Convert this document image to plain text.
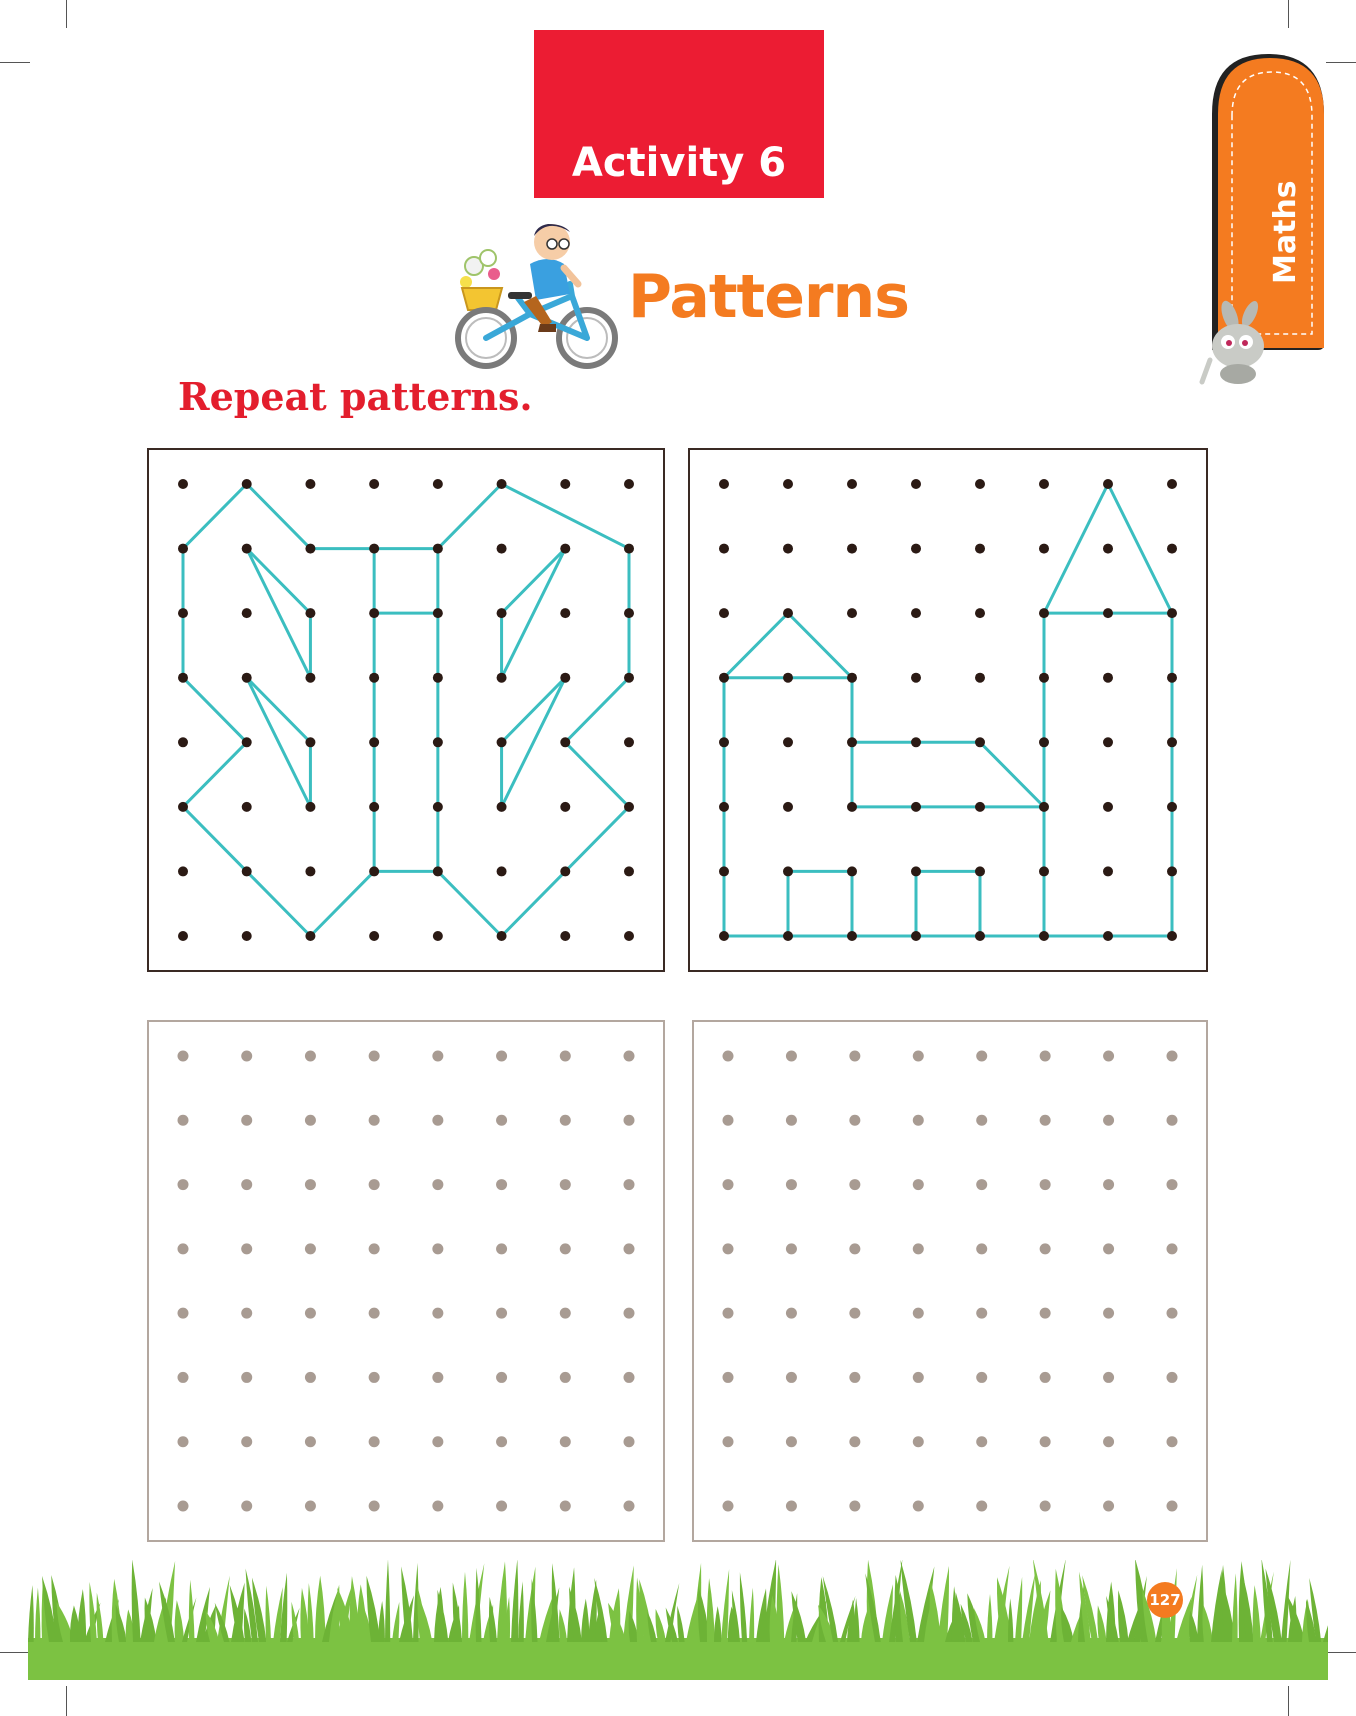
Activity 6
Patterns
Maths
Repeat patterns.
127
